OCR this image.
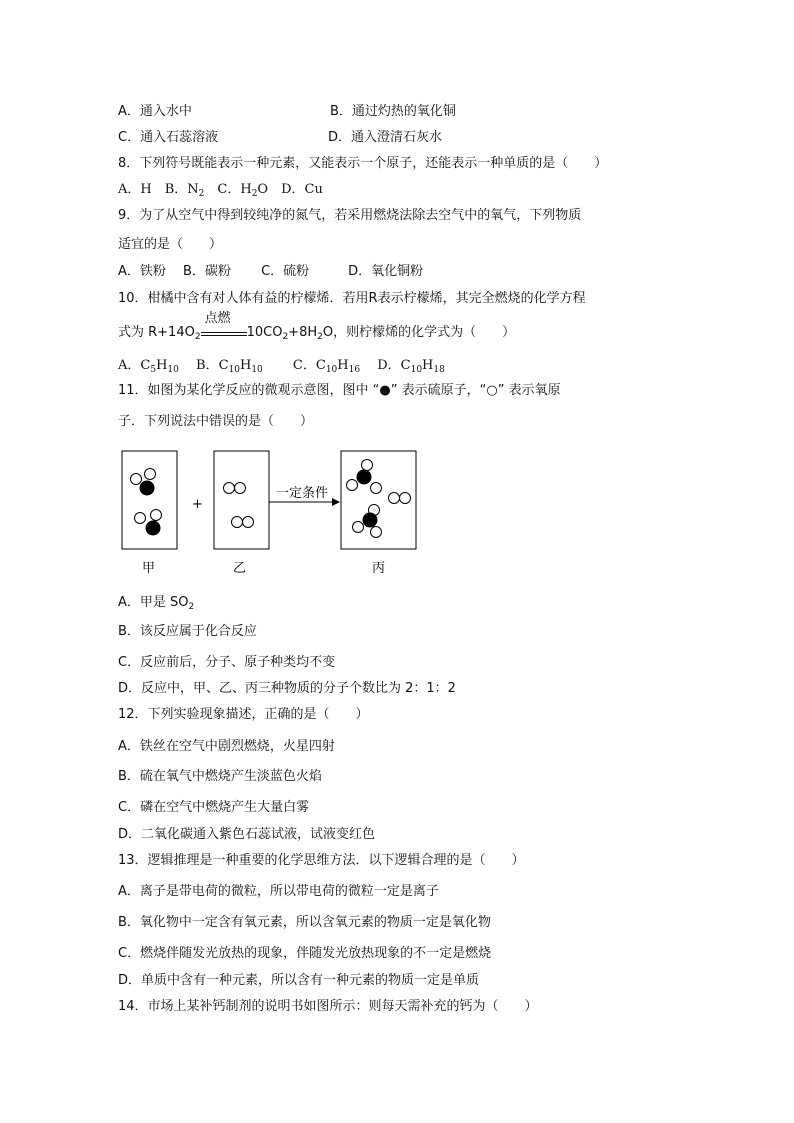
A．通入水中	B．通过灼热的氧化铜
C．通入石蕊溶液	D．通入澄清石灰水
8．下列符号既能表示一种元素，又能表示一个原子，还能表示一种单质的是（　　）
A．H　B．$N_2$　C．$H_2O$　D．Cu
9．为了从空气中得到较纯净的氮气，若采用燃烧法除去空气中的氧气，下列物质
适宜的是（　　）
A．铁粉　 B．碳粉　　 C．硫粉　　　D．氧化铜粉
10．柑橘中含有对人体有益的柠檬烯．若用R表示柠檬烯，其完全燃烧的化学方程
式为 $R+14O_2$
点燃
$10CO_2+8H_2O$，则柠檬烯的化学式为（　　）
A．$C_5H_{10}$ 　B．$C_{10}H_{10}$ 　　C．$C_{10}H_{16}$ 　D．$C_{10}H_{18}$
11．如图为某化学反应的微观示意图，图中 “●” 表示硫原子，“○” 表示氧原
子．下列说法中错误的是（　　）
+
一定条件
甲	乙	丙
A．甲是 $SO_2$
B．该反应属于化合反应
C．反应前后，分子、原子种类均不变
D．反应中，甲、乙、丙三种物质的分子个数比为 2：1：2
12．下列实验现象描述，正确的是（　　）
A．铁丝在空气中剧烈燃烧，火星四射
B．硫在氧气中燃烧产生淡蓝色火焰
C．磷在空气中燃烧产生大量白雾
D．二氧化碳通入紫色石蕊试液，试液变红色
13．逻辑推理是一种重要的化学思维方法．以下逻辑合理的是（　　）
A．离子是带电荷的微粒，所以带电荷的微粒一定是离子
B．氧化物中一定含有氧元素，所以含氧元素的物质一定是氧化物
C．燃烧伴随发光放热的现象，伴随发光放热现象的不一定是燃烧
D．单质中含有一种元素，所以含有一种元素的物质一定是单质
14．市场上某补钙制剂的说明书如图所示：则每天需补充的钙为（　　）
